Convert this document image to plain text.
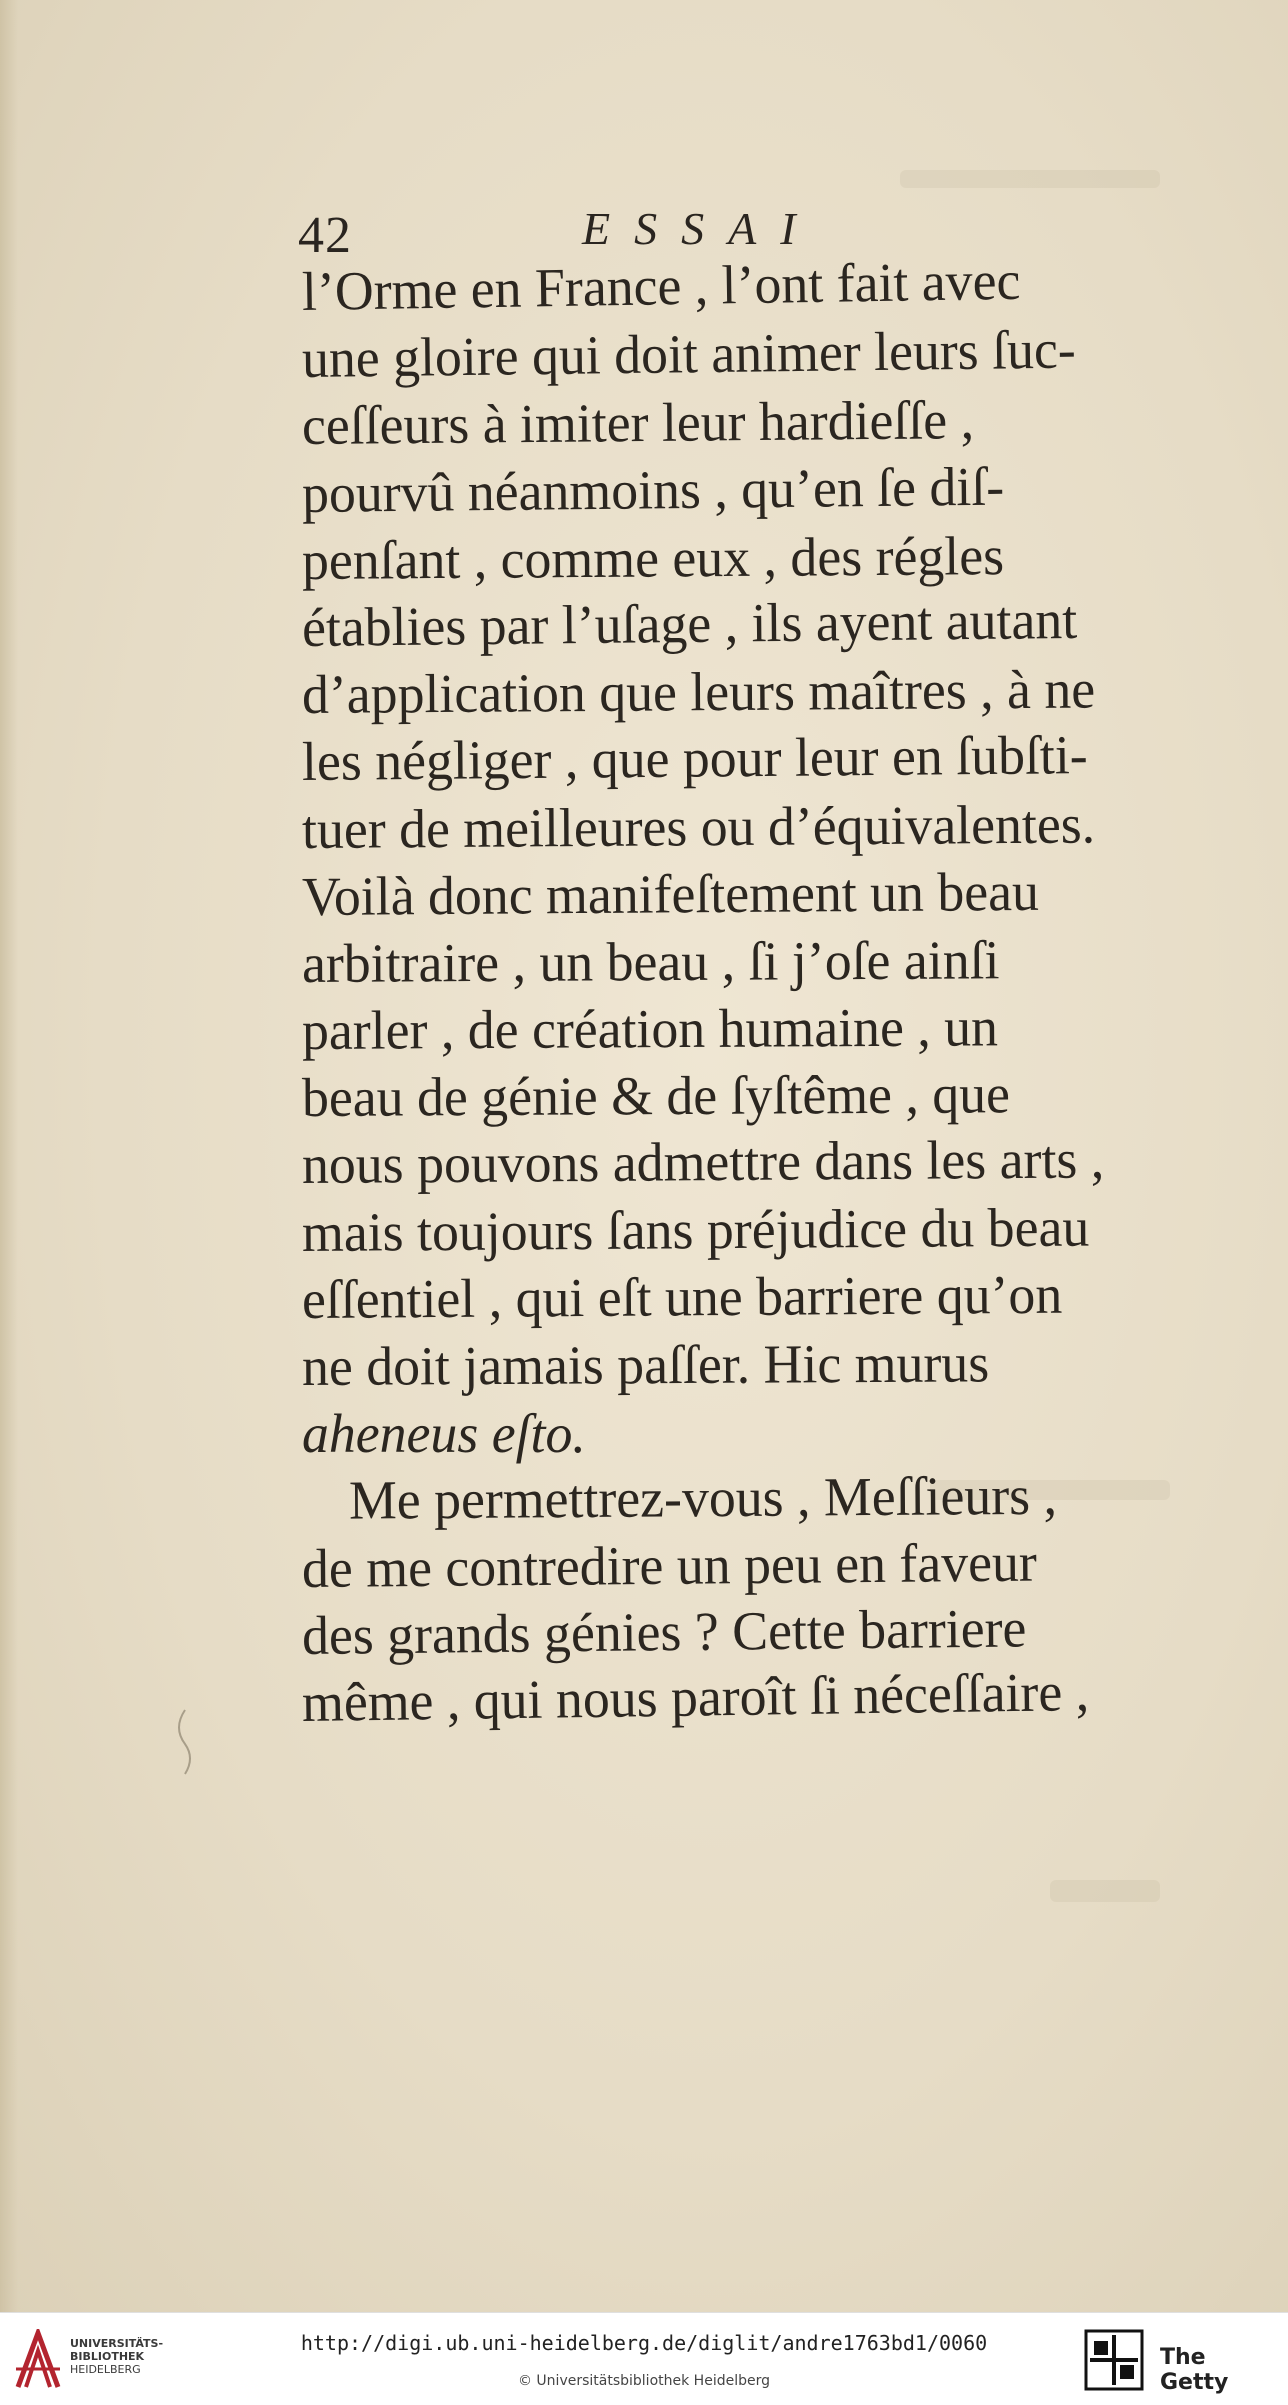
42	ESSAI
l’Orme en France , l’ont fait avec
une gloire qui doit animer leurs ſuc-
ceſſeurs à imiter leur hardieſſe ,
pourvû néanmoins , qu’en ſe diſ-
penſant , comme eux , des régles
établies par l’uſage , ils ayent autant
d’application que leurs maîtres , à ne
les négliger , que pour leur en ſubſti-
tuer de meilleures ou d’équivalentes.
Voilà donc manifeſtement un beau
arbitraire , un beau , ſi j’oſe ainſi
parler , de création humaine , un
beau de génie & de ſyſtême , que
nous pouvons admettre dans les arts ,
mais toujours ſans préjudice du beau
eſſentiel , qui eſt une barriere qu’on
ne doit jamais paſſer. Hic murus
aheneus eſto.
Me permettrez-vous , Meſſieurs ,
de me contredire un peu en faveur
des grands génies ? Cette barriere
même , qui nous paroît ſi néceſſaire ,
UNIVERSITÄTS-
BIBLIOTHEK
HEIDELBERG
http://digi.ub.uni-heidelberg.de/diglit/andre1763bd1/0060
© Universitätsbibliothek Heidelberg
The Getty
